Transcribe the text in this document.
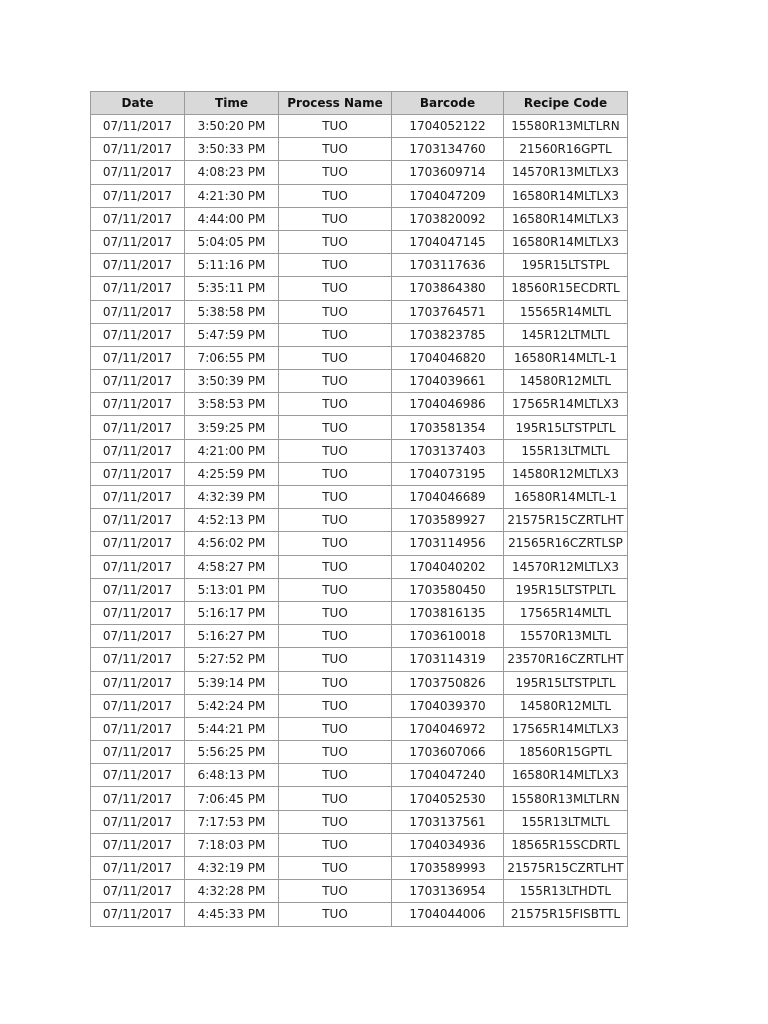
Date	Time	Process Name	Barcode	Recipe Code
07/11/2017	3:50:20 PM	TUO	1704052122	15580R13MLTLRN
07/11/2017	3:50:33 PM	TUO	1703134760	21560R16GPTL
07/11/2017	4:08:23 PM	TUO	1703609714	14570R13MLTLX3
07/11/2017	4:21:30 PM	TUO	1704047209	16580R14MLTLX3
07/11/2017	4:44:00 PM	TUO	1703820092	16580R14MLTLX3
07/11/2017	5:04:05 PM	TUO	1704047145	16580R14MLTLX3
07/11/2017	5:11:16 PM	TUO	1703117636	195R15LTSTPL
07/11/2017	5:35:11 PM	TUO	1703864380	18560R15ECDRTL
07/11/2017	5:38:58 PM	TUO	1703764571	15565R14MLTL
07/11/2017	5:47:59 PM	TUO	1703823785	145R12LTMLTL
07/11/2017	7:06:55 PM	TUO	1704046820	16580R14MLTL-1
07/11/2017	3:50:39 PM	TUO	1704039661	14580R12MLTL
07/11/2017	3:58:53 PM	TUO	1704046986	17565R14MLTLX3
07/11/2017	3:59:25 PM	TUO	1703581354	195R15LTSTPLTL
07/11/2017	4:21:00 PM	TUO	1703137403	155R13LTMLTL
07/11/2017	4:25:59 PM	TUO	1704073195	14580R12MLTLX3
07/11/2017	4:32:39 PM	TUO	1704046689	16580R14MLTL-1
07/11/2017	4:52:13 PM	TUO	1703589927	21575R15CZRTLHT
07/11/2017	4:56:02 PM	TUO	1703114956	21565R16CZRTLSP
07/11/2017	4:58:27 PM	TUO	1704040202	14570R12MLTLX3
07/11/2017	5:13:01 PM	TUO	1703580450	195R15LTSTPLTL
07/11/2017	5:16:17 PM	TUO	1703816135	17565R14MLTL
07/11/2017	5:16:27 PM	TUO	1703610018	15570R13MLTL
07/11/2017	5:27:52 PM	TUO	1703114319	23570R16CZRTLHT
07/11/2017	5:39:14 PM	TUO	1703750826	195R15LTSTPLTL
07/11/2017	5:42:24 PM	TUO	1704039370	14580R12MLTL
07/11/2017	5:44:21 PM	TUO	1704046972	17565R14MLTLX3
07/11/2017	5:56:25 PM	TUO	1703607066	18560R15GPTL
07/11/2017	6:48:13 PM	TUO	1704047240	16580R14MLTLX3
07/11/2017	7:06:45 PM	TUO	1704052530	15580R13MLTLRN
07/11/2017	7:17:53 PM	TUO	1703137561	155R13LTMLTL
07/11/2017	7:18:03 PM	TUO	1704034936	18565R15SCDRTL
07/11/2017	4:32:19 PM	TUO	1703589993	21575R15CZRTLHT
07/11/2017	4:32:28 PM	TUO	1703136954	155R13LTHDTL
07/11/2017	4:45:33 PM	TUO	1704044006	21575R15FISBTTL
